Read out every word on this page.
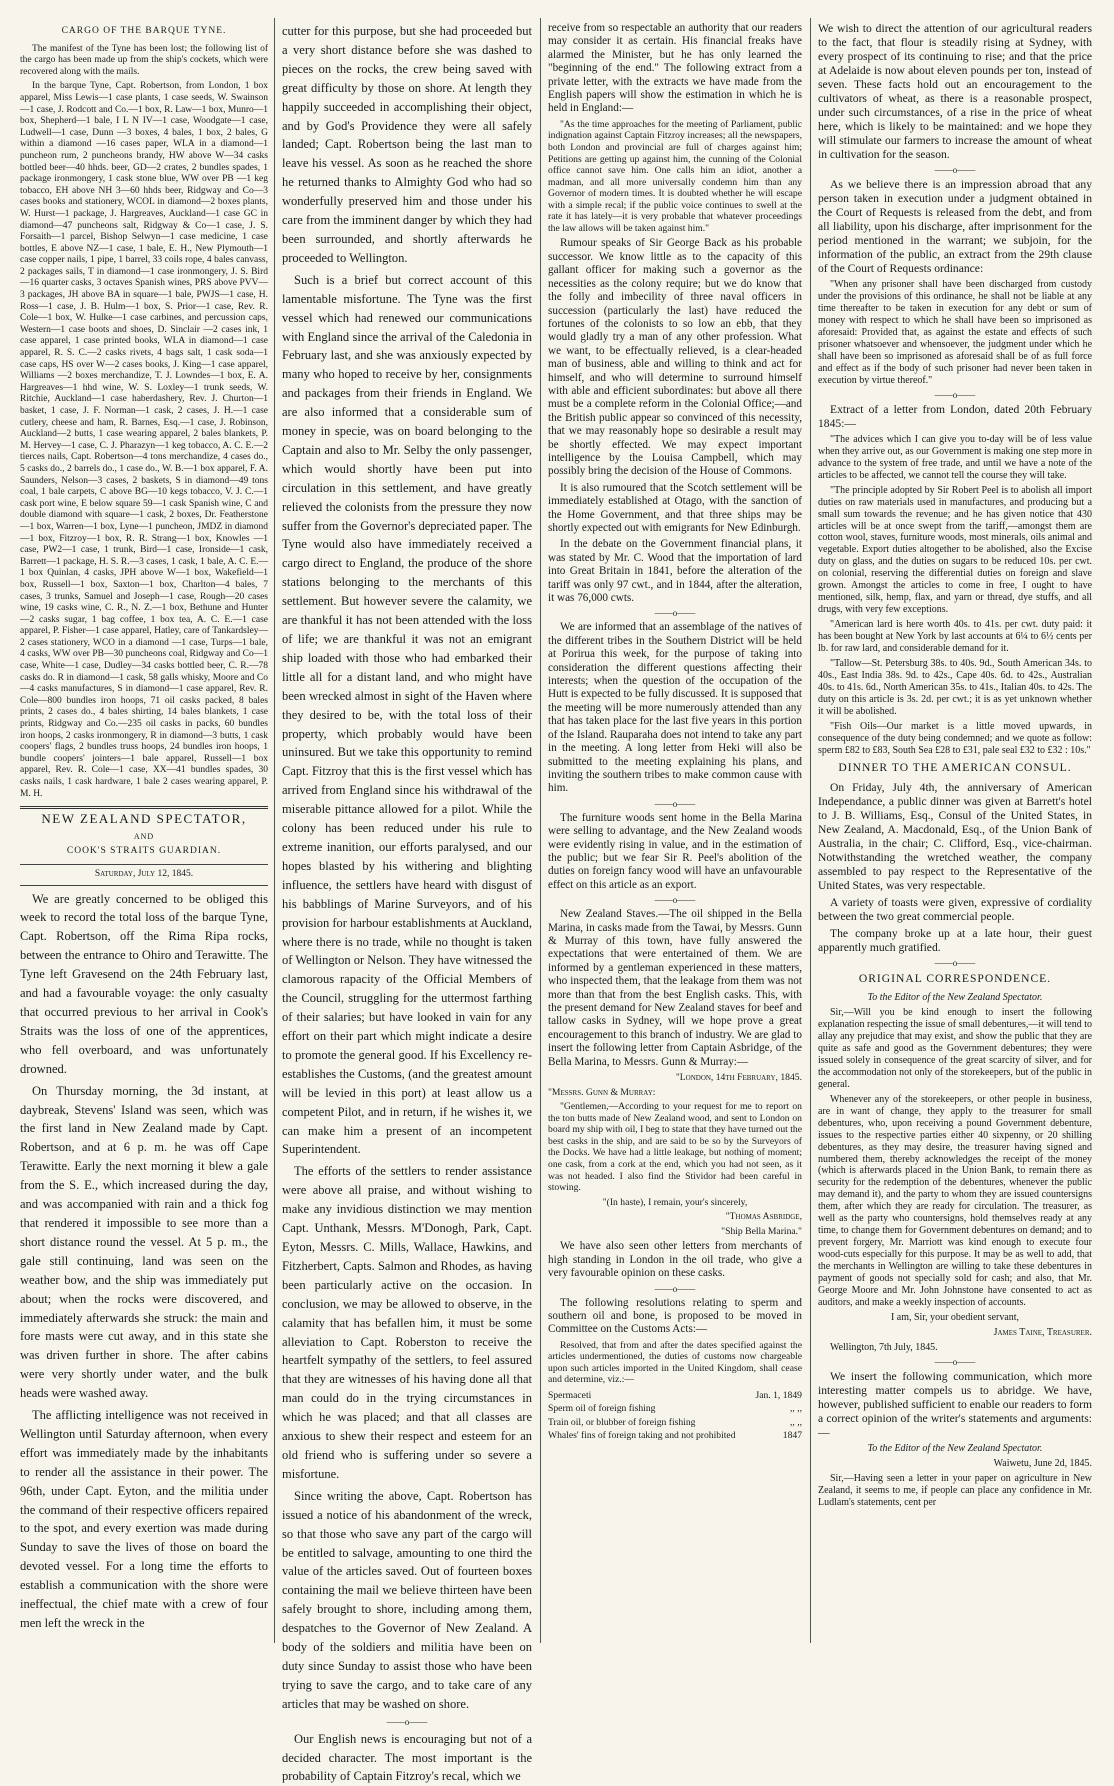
CARGO OF THE BARQUE TYNE.

The manifest of the Tyne has been lost; the following list of the cargo has been made up from the ship's cockets, which were recovered along with the mails.

In the barque Tyne, Capt. Robertson, from London, 1 box apparel, Miss Lewis—1 case plants, 1 case seeds, W. Swainson—1 case, J. Rodcott and Co.—1 box, R. Law—1 box, Munro—1 box, Shepherd—1 bale, I L N IV—1 case, Woodgate—1 case, Ludwell—1 case, Dunn —3 boxes, 4 bales, 1 box, 2 bales, G within a diamond —16 cases paper, WLA in a diamond—1 puncheon rum, 2 puncheons brandy, HW above W—34 casks bottled beer—40 hhds. beer, GD—2 crates, 2 bundles spades, 1 package ironmongery, 1 cask stone blue, WW over PB —1 keg tobacco, EH above NH 3—60 hhds beer, Ridgway and Co—3 cases books and stationery, WCOL in diamond—2 boxes plants, W. Hurst—1 package, J. Hargreaves, Auckland—1 case GC in diamond—47 puncheons salt, Ridgway & Co—1 case, J. S. Forsaith—1 parcel, Bishop Selwyn—1 case medicine, 1 case bottles, E above NZ—1 case, 1 bale, E. H., New Plymouth—1 case copper nails, 1 pipe, 1 barrel, 33 coils rope, 4 bales canvass, 2 packages sails, T in diamond—1 case ironmongery, J. S. Bird—16 quarter casks, 3 octaves Spanish wines, PRS above PVV—3 packages, JH above BA in square—1 bale, PWJS—1 case, H. Ross—1 case, J. B. Hulm—1 box, S. Prior—1 case, Rev. R. Cole—1 box, W. Hulke—1 case carbines, and percussion caps, Western—1 case boots and shoes, D. Sinclair —2 cases ink, 1 case apparel, 1 case printed books, WLA in diamond—1 case apparel, R. S. C.—2 casks rivets, 4 bags salt, 1 cask soda—1 case caps, HS over W—2 cases books, J. King—1 case apparel, Williams —2 boxes merchandize, T. J. Lowndes—1 box, E. A. Hargreaves—1 hhd wine, W. S. Loxley—1 trunk seeds, W. Ritchie, Auckland—1 case haberdashery, Rev. J. Churton—1 basket, 1 case, J. F. Norman—1 cask, 2 cases, J. H.—1 case cutlery, cheese and ham, R. Barnes, Esq.—1 case, J. Robinson, Auckland—2 butts, 1 case wearing apparel, 2 bales blankets, P. M. Hervey—1 case, C. J. Pharazyn—1 keg tobacco, A. C. E.—2 tierces nails, Capt. Robertson—4 tons merchandize, 4 cases do., 5 casks do., 2 barrels do., 1 case do., W. B.—1 box apparel, F. A. Saunders, Nelson—3 cases, 2 baskets, S in diamond—49 tons coal, 1 bale carpets, C above BG—10 kegs tobacco, V. J. C.—1 cask port wine, E below square 59—1 cask Spanish wine, C and double diamond with square—1 cask, 2 boxes, Dr. Featherstone—1 box, Warren—1 box, Lyne—1 puncheon, JMDZ in diamond —1 box, Fitzroy—1 box, R. R. Strang—1 box, Knowles —1 case, PW2—1 case, 1 trunk, Bird—1 case, Ironside—1 cask, Barrett—1 package, H. S. R.—3 cases, 1 cask, 1 bale, A. C. E.—1 box Quinlan, 4 casks, JPH above W—1 box, Wakefield—1 box, Russell—1 box, Saxton—1 box, Charlton—4 bales, 7 cases, 3 trunks, Samuel and Joseph—1 case, Rough—20 cases wine, 19 casks wine, C. R., N. Z.—1 box, Bethune and Hunter —2 casks sugar, 1 bag coffee, 1 box tea, A. C. E.—1 case apparel, P. Fisher—1 case apparel, Hatley, care of Tankardsley—2 cases stationery, WCO in a diamond —1 case, Turps—1 bale, 4 casks, WW over PB—30 puncheons coal, Ridgway and Co—1 case, White—1 case, Dudley—34 casks bottled beer, C. R.—78 casks do. R in diamond—1 cask, 58 galls whisky, Moore and Co—4 casks manufactures, S in diamond—1 case apparel, Rev. R. Cole—800 bundles iron hoops, 71 oil casks packed, 8 bales prints, 2 cases do., 4 bales shirting, 14 bales blankets, 1 case prints, Ridgway and Co.—235 oil casks in packs, 60 bundles iron hoops, 2 casks ironmongery, R in diamond—3 butts, 1 cask coopers' flags, 2 bundles truss hoops, 24 bundles iron hoops, 1 bundle coopers' jointers—1 bale apparel, Russell—1 box apparel, Rev. R. Cole—1 case, XX—41 bundles spades, 30 casks nails, 1 cask hardware, 1 bale 2 cases wearing apparel, P. M. H.

NEW ZEALAND SPECTATOR,

AND

COOK'S STRAITS GUARDIAN.

Saturday, July 12, 1845.

We are greatly concerned to be obliged this week to record the total loss of the barque Tyne, Capt. Robertson, off the Rima Ripa rocks, between the entrance to Ohiro and Terawitte. The Tyne left Gravesend on the 24th February last, and had a favourable voyage: the only casualty that occurred previous to her arrival in Cook's Straits was the loss of one of the apprentices, who fell overboard, and was unfortunately drowned.

On Thursday morning, the 3d instant, at daybreak, Stevens' Island was seen, which was the first land in New Zealand made by Capt. Robertson, and at 6 p. m. he was off Cape Terawitte. Early the next morning it blew a gale from the S. E., which increased during the day, and was accompanied with rain and a thick fog that rendered it impossible to see more than a short distance round the vessel. At 5 p. m., the gale still continuing, land was seen on the weather bow, and the ship was immediately put about; when the rocks were discovered, and immediately afterwards she struck: the main and fore masts were cut away, and in this state she was driven further in shore. The after cabins were very shortly under water, and the bulk heads were washed away.

The afflicting intelligence was not received in Wellington until Saturday afternoon, when every effort was immediately made by the inhabitants to render all the assistance in their power. The 96th, under Capt. Eyton, and the militia under the command of their respective officers repaired to the spot, and every exertion was made during Sunday to save the lives of those on board the devoted vessel. For a long time the efforts to establish a communication with the shore were ineffectual, the chief mate with a crew of four men left the wreck in the

cutter for this purpose, but she had proceeded but a very short distance before she was dashed to pieces on the rocks, the crew being saved with great difficulty by those on shore. At length they happily succeeded in accomplishing their object, and by God's Providence they were all safely landed; Capt. Robertson being the last man to leave his vessel. As soon as he reached the shore he returned thanks to Almighty God who had so wonderfully preserved him and those under his care from the imminent danger by which they had been surrounded, and shortly afterwards he proceeded to Wellington.

Such is a brief but correct account of this lamentable misfortune. The Tyne was the first vessel which had renewed our communications with England since the arrival of the Caledonia in February last, and she was anxiously expected by many who hoped to receive by her, consignments and packages from their friends in England. We are also informed that a considerable sum of money in specie, was on board belonging to the Captain and also to Mr. Selby the only passenger, which would shortly have been put into circulation in this settlement, and have greatly relieved the colonists from the pressure they now suffer from the Governor's depreciated paper. The Tyne would also have immediately received a cargo direct to England, the produce of the shore stations belonging to the merchants of this settlement. But however severe the calamity, we are thankful it has not been attended with the loss of life; we are thankful it was not an emigrant ship loaded with those who had embarked their little all for a distant land, and who might have been wrecked almost in sight of the Haven where they desired to be, with the total loss of their property, which probably would have been uninsured. But we take this opportunity to remind Capt. Fitzroy that this is the first vessel which has arrived from England since his withdrawal of the miserable pittance allowed for a pilot. While the colony has been reduced under his rule to extreme inanition, our efforts paralysed, and our hopes blasted by his withering and blighting influence, the settlers have heard with disgust of his babblings of Marine Surveyors, and of his provision for harbour establishments at Auckland, where there is no trade, while no thought is taken of Wellington or Nelson. They have witnessed the clamorous rapacity of the Official Members of the Council, struggling for the uttermost farthing of their salaries; but have looked in vain for any effort on their part which might indicate a desire to promote the general good. If his Excellency re-establishes the Customs, (and the greatest amount will be levied in this port) at least allow us a competent Pilot, and in return, if he wishes it, we can make him a present of an incompetent Superintendent.

The efforts of the settlers to render assistance were above all praise, and without wishing to make any invidious distinction we may mention Capt. Unthank, Messrs. M'Donogh, Park, Capt. Eyton, Messrs. C. Mills, Wallace, Hawkins, and Fitzherbert, Capts. Salmon and Rhodes, as having been particularly active on the occasion. In conclusion, we may be allowed to observe, in the calamity that has befallen him, it must be some alleviation to Capt. Roberston to receive the heartfelt sympathy of the settlers, to feel assured that they are witnesses of his having done all that man could do in the trying circumstances in which he was placed; and that all classes are anxious to shew their respect and esteem for an old friend who is suffering under so severe a misfortune.

Since writing the above, Capt. Robertson has issued a notice of his abandonment of the wreck, so that those who save any part of the cargo will be entitled to salvage, amounting to one third the value of the articles saved. Out of fourteen boxes containing the mail we believe thirteen have been safely brought to shore, including among them, despatches to the Governor of New Zealand. A body of the soldiers and militia have been on duty since Sunday to assist those who have been trying to save the cargo, and to take care of any articles that may be washed on shore.

——o——

Our English news is encouraging but not of a decided character. The most important is the probability of Captain Fitzroy's recal, which we

receive from so respectable an authority that our readers may consider it as certain. His financial freaks have alarmed the Minister, but he has only learned the "beginning of the end." The following extract from a private letter, with the extracts we have made from the English papers will show the estimation in which he is held in England:—

"As the time approaches for the meeting of Parliament, public indignation against Captain Fitzroy increases; all the newspapers, both London and provincial are full of charges against him; Petitions are getting up against him, the cunning of the Colonial office cannot save him. One calls him an idiot, another a madman, and all more universally condemn him than any Governor of modern times. It is doubted whether he will escape with a simple recal; if the public voice continues to swell at the rate it has lately—it is very probable that whatever proceedings the law allows will be taken against him."

Rumour speaks of Sir George Back as his probable successor. We know little as to the capacity of this gallant officer for making such a governor as the necessities as the colony require; but we do know that the folly and imbecility of three naval officers in succession (particularly the last) have reduced the fortunes of the colonists to so low an ebb, that they would gladly try a man of any other profession. What we want, to be effectually relieved, is a clear-headed man of business, able and willing to think and act for himself, and who will determine to surround himself with able and efficient subordinates: but above all there must be a complete reform in the Colonial Office;—and the British public appear so convinced of this necessity, that we may reasonably hope so desirable a result may be shortly effected. We may expect important intelligence by the Louisa Campbell, which may possibly bring the decision of the House of Commons.

It is also rumoured that the Scotch settlement will be immediately established at Otago, with the sanction of the Home Government, and that three ships may be shortly expected out with emigrants for New Edinburgh.

In the debate on the Government financial plans, it was stated by Mr. C. Wood that the importation of lard into Great Britain in 1841, before the alteration of the tariff was only 97 cwt., and in 1844, after the alteration, it was 76,000 cwts.

——o——

We are informed that an assemblage of the natives of the different tribes in the Southern District will be held at Porirua this week, for the purpose of taking into consideration the different questions affecting their interests; when the question of the occupation of the Hutt is expected to be fully discussed. It is supposed that the meeting will be more numerously attended than any that has taken place for the last five years in this portion of the Island. Rauparaha does not intend to take any part in the meeting. A long letter from Heki will also be submitted to the meeting explaining his plans, and inviting the southern tribes to make common cause with him.

——o——

The furniture woods sent home in the Bella Marina were selling to advantage, and the New Zealand woods were evidently rising in value, and in the estimation of the public; but we fear Sir R. Peel's abolition of the duties on foreign fancy wood will have an unfavourable effect on this article as an export.

——o——

New Zealand Staves.—The oil shipped in the Bella Marina, in casks made from the Tawai, by Messrs. Gunn & Murray of this town, have fully answered the expectations that were entertained of them. We are informed by a gentleman experienced in these matters, who inspected them, that the leakage from them was not more than that from the best English casks. This, with the present demand for New Zealand staves for beef and tallow casks in Sydney, will we hope prove a great encouragement to this branch of industry. We are glad to insert the following letter from Captain Asbridge, of the Bella Marina, to Messrs. Gunn & Murray:—

"London, 14th February, 1845.

"Messrs. Gunn & Murray:

"Gentlemen,—According to your request for me to report on the ton butts made of New Zealand wood, and sent to London on board my ship with oil, I beg to state that they have turned out the best casks in the ship, and are said to be so by the Surveyors of the Docks. We have had a little leakage, but nothing of moment; one cask, from a cork at the end, which you had not seen, as it was not headed. I also find the Stividor had been careful in stowing.

"(In haste), I remain, your's sincerely,

"Thomas Asbridge,

"Ship Bella Marina."

We have also seen other letters from merchants of high standing in London in the oil trade, who give a very favourable opinion on these casks.

——o——

The following resolutions relating to sperm and southern oil and bone, is proposed to be moved in Committee on the Customs Acts:—

Resolved, that from and after the dates specified against the articles undermentioned, the duties of customs now chargeable upon such articles imported in the United Kingdom, shall cease and determine, viz.:—

Spermaceti	Jan. 1, 1849
Sperm oil of foreign fishing	,, ,,
Train oil, or blubber of foreign fishing	,, ,,
Whales' fins of foreign taking and not prohibited	1847

We wish to direct the attention of our agricultural readers to the fact, that flour is steadily rising at Sydney, with every prospect of its continuing to rise; and that the price at Adelaide is now about eleven pounds per ton, instead of seven. These facts hold out an encouragement to the cultivators of wheat, as there is a reasonable prospect, under such circumstances, of a rise in the price of wheat here, which is likely to be maintained: and we hope they will stimulate our farmers to increase the amount of wheat in cultivation for the season.

——o——

As we believe there is an impression abroad that any person taken in execution under a judgment obtained in the Court of Requests is released from the debt, and from all liability, upon his discharge, after imprisonment for the period mentioned in the warrant; we subjoin, for the information of the public, an extract from the 29th clause of the Court of Requests ordinance:

"When any prisoner shall have been discharged from custody under the provisions of this ordinance, he shall not be liable at any time thereafter to be taken in execution for any debt or sum of money with respect to which he shall have been so imprisoned as aforesaid: Provided that, as against the estate and effects of such prisoner whatsoever and whensoever, the judgment under which he shall have been so imprisoned as aforesaid shall be of as full force and effect as if the body of such prisoner had never been taken in execution by virtue thereof."

——o——

Extract of a letter from London, dated 20th February 1845:—

"The advices which I can give you to-day will be of less value when they arrive out, as our Government is making one step more in advance to the system of free trade, and until we have a note of the articles to be affected, we cannot tell the course they will take.

"The principle adopted by Sir Robert Peel is to abolish all import duties on raw materials used in manufactures, and producing but a small sum towards the revenue; and he has given notice that 430 articles will be at once swept from the tariff,—amongst them are cotton wool, staves, furniture woods, most minerals, oils animal and vegetable. Export duties altogether to be abolished, also the Excise duty on glass, and the duties on sugars to be reduced 10s. per cwt. on colonial, reserving the differential duties on foreign and slave grown. Amongst the articles to come in free, I ought to have mentioned, silk, hemp, flax, and yarn or thread, dye stuffs, and all drugs, with very few exceptions.

"American lard is here worth 40s. to 41s. per cwt. duty paid: it has been bought at New York by last accounts at 6¼ to 6½ cents per lb. for raw lard, and considerable demand for it.

"Tallow—St. Petersburg 38s. to 40s. 9d., South American 34s. to 40s., East India 38s. 9d. to 42s., Cape 40s. 6d. to 42s., Australian 40s. to 41s. 6d., North American 35s. to 41s., Italian 40s. to 42s. The duty on this article is 3s. 2d. per cwt.; it is as yet unknown whether it will be abolished.

"Fish Oils—Our market is a little moved upwards, in consequence of the duty being condemned; and we quote as follow: sperm £82 to £83, South Sea £28 to £31, pale seal £32 to £32 : 10s."

DINNER TO THE AMERICAN CONSUL.

On Friday, July 4th, the anniversary of American Independance, a public dinner was given at Barrett's hotel to J. B. Williams, Esq., Consul of the United States, in New Zealand, A. Macdonald, Esq., of the Union Bank of Australia, in the chair; C. Clifford, Esq., vice-chairman. Notwithstanding the wretched weather, the company assembled to pay respect to the Representative of the United States, was very respectable.

A variety of toasts were given, expressive of cordiality between the two great commercial people.

The company broke up at a late hour, their guest apparently much gratified.

——o——

ORIGINAL CORRESPONDENCE.

To the Editor of the New Zealand Spectator.

Sir,—Will you be kind enough to insert the following explanation respecting the issue of small debentures,—it will tend to allay any prejudice that may exist, and show the public that they are quite as safe and good as the Government debentures; they were issued solely in consequence of the great scarcity of silver, and for the accommodation not only of the storekeepers, but of the public in general.

Whenever any of the storekeepers, or other people in business, are in want of change, they apply to the treasurer for small debentures, who, upon receiving a pound Government debenture, issues to the respective parties either 40 sixpenny, or 20 shilling debentures, as they may desire, the treasurer having signed and numbered them, thereby acknowledges the receipt of the money (which is afterwards placed in the Union Bank, to remain there as security for the redemption of the debentures, whenever the public may demand it), and the party to whom they are issued countersigns them, after which they are ready for circulation. The treasurer, as well as the party who countersigns, hold themselves ready at any time, to change them for Government debentures on demand; and to prevent forgery, Mr. Marriott was kind enough to execute four wood-cuts especially for this purpose. It may be as well to add, that the merchants in Wellington are willing to take these debentures in payment of goods not specially sold for cash; and also, that Mr. George Moore and Mr. John Johnstone have consented to act as auditors, and make a weekly inspection of accounts.

I am, Sir, your obedient servant,

James Taine, Treasurer.

Wellington, 7th July, 1845.

——o——

We insert the following communication, which more interesting matter compels us to abridge. We have, however, published sufficient to enable our readers to form a correct opinion of the writer's statements and arguments:—

To the Editor of the New Zealand Spectator.

Waiwetu, June 2d, 1845.

Sir,—Having seen a letter in your paper on agriculture in New Zealand, it seems to me, if people can place any confidence in Mr. Ludlam's statements, cent per
